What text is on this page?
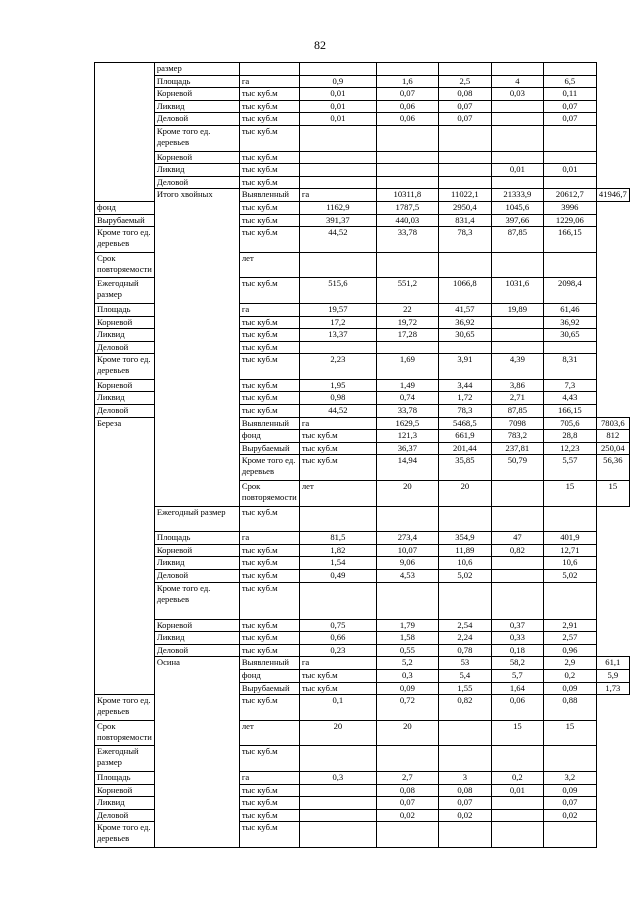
82
	размер							
	Площадь	га	0,9	1,6	2,5	4	6,5	
	Корневой	тыс куб.м	0,01	0,07	0,08	0,03	0,11	
	Ликвид	тыс куб.м	0,01	0,06	0,07		0,07	
	Деловой	тыс куб.м	0,01	0,06	0,07		0,07	
	Кроме того ед. деревьев	тыс куб.м						
	Корневой	тыс куб.м						
	Ликвид	тыс куб.м				0,01	0,01	
	Деловой	тыс куб.м						
	Итого хвойных	Выявленный	га	10311,8	11022,1	21333,9	20612,7	41946,7
фонд		тыс куб.м	1162,9	1787,5	2950,4	1045,6	3996	
Вырубаемый		тыс куб.м	391,37	440,03	831,4	397,66	1229,06	
Кроме того ед. деревьев		тыс куб.м	44,52	33,78	78,3	87,85	166,15	
Срок повторяемости		лет						
Ежегодный размер		тыс куб.м	515,6	551,2	1066,8	1031,6	2098,4	
Площадь		га	19,57	22	41,57	19,89	61,46	
Корневой		тыс куб.м	17,2	19,72	36,92		36,92	
Ликвид		тыс куб.м	13,37	17,28	30,65		30,65	
Деловой		тыс куб.м						
Кроме того ед. деревьев		тыс куб.м	2,23	1,69	3,91	4,39	8,31	
Корневой		тыс куб.м	1,95	1,49	3,44	3,86	7,3	
Ликвид		тыс куб.м	0,98	0,74	1,72	2,71	4,43	
Деловой		тыс куб.м	44,52	33,78	78,3	87,85	166,15	
Береза		Выявленный	га	1629,5	5468,5	7098	705,6	7803,6
		фонд	тыс куб.м	121,3	661,9	783,2	28,8	812
		Вырубаемый	тыс куб.м	36,37	201,44	237,81	12,23	250,04
		Кроме того ед. деревьев	тыс куб.м	14,94	35,85	50,79	5,57	56,36
		Срок повторяемости	лет	20	20		15	15
	Ежегодный размер	тыс куб.м						
	Площадь	га	81,5	273,4	354,9	47	401,9	
	Корневой	тыс куб.м	1,82	10,07	11,89	0,82	12,71	
	Ликвид	тыс куб.м	1,54	9,06	10,6		10,6	
	Деловой	тыс куб.м	0,49	4,53	5,02		5,02	
	Кроме того ед. деревьев	тыс куб.м						
	Корневой	тыс куб.м	0,75	1,79	2,54	0,37	2,91	
	Ликвид	тыс куб.м	0,66	1,58	2,24	0,33	2,57	
	Деловой	тыс куб.м	0,23	0,55	0,78	0,18	0,96	
	Осина	Выявленный	га	5,2	53	58,2	2,9	61,1
		фонд	тыс куб.м	0,3	5,4	5,7	0,2	5,9
		Вырубаемый	тыс куб.м	0,09	1,55	1,64	0,09	1,73
Кроме того ед. деревьев		тыс куб.м	0,1	0,72	0,82	0,06	0,88	
Срок повторяемости		лет	20	20		15	15	
Ежегодный размер		тыс куб.м						
Площадь		га	0,3	2,7	3	0,2	3,2	
Корневой		тыс куб.м		0,08	0,08	0,01	0,09	
Ликвид		тыс куб.м		0,07	0,07		0,07	
Деловой		тыс куб.м		0,02	0,02		0,02	
Кроме того ед. деревьев		тыс куб.м						
